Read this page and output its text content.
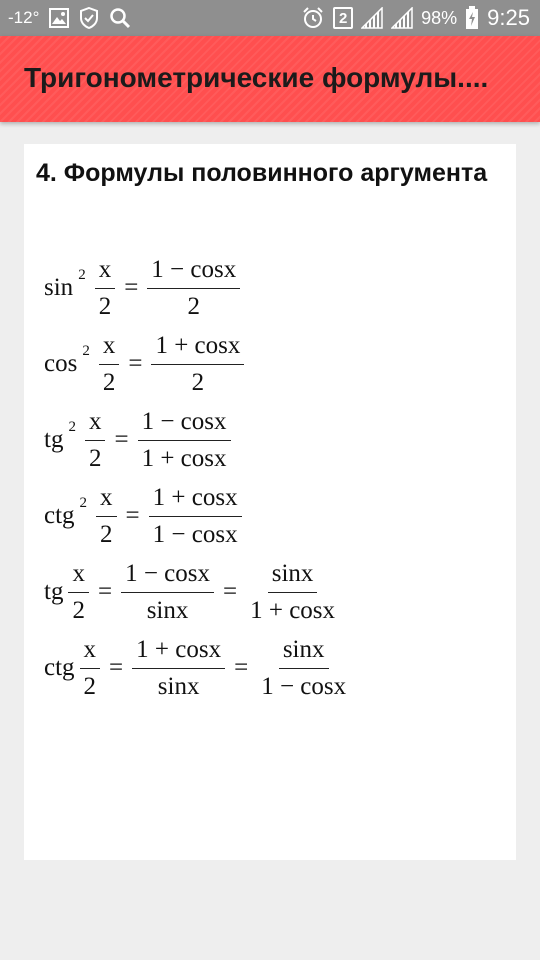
-12°	2	98% 9:25
Тригонометрические формулы....
4. Формулы половинного аргумента
$\sin 2 \frac{x}{2} = \frac{1 - \cos x}{2}$
$\cos 2 \frac{x}{2} = \frac{1 + \cos x}{2}$
tg $2 \frac{x}{2} = \frac{1 - \cos x}{1 + \cos x}$
ctg $2 \frac{x}{2} = \frac{1 + \cos x}{1 - \cos x}$
tg $\frac{x}{2} = \frac{1 - \cos x}{\sin x} = \frac{\sin x}{1 + \cos x}$
ctg $\frac{x}{2} = \frac{1 + \cos x}{\sin x} = \frac{\sin x}{1 - \cos x}$
